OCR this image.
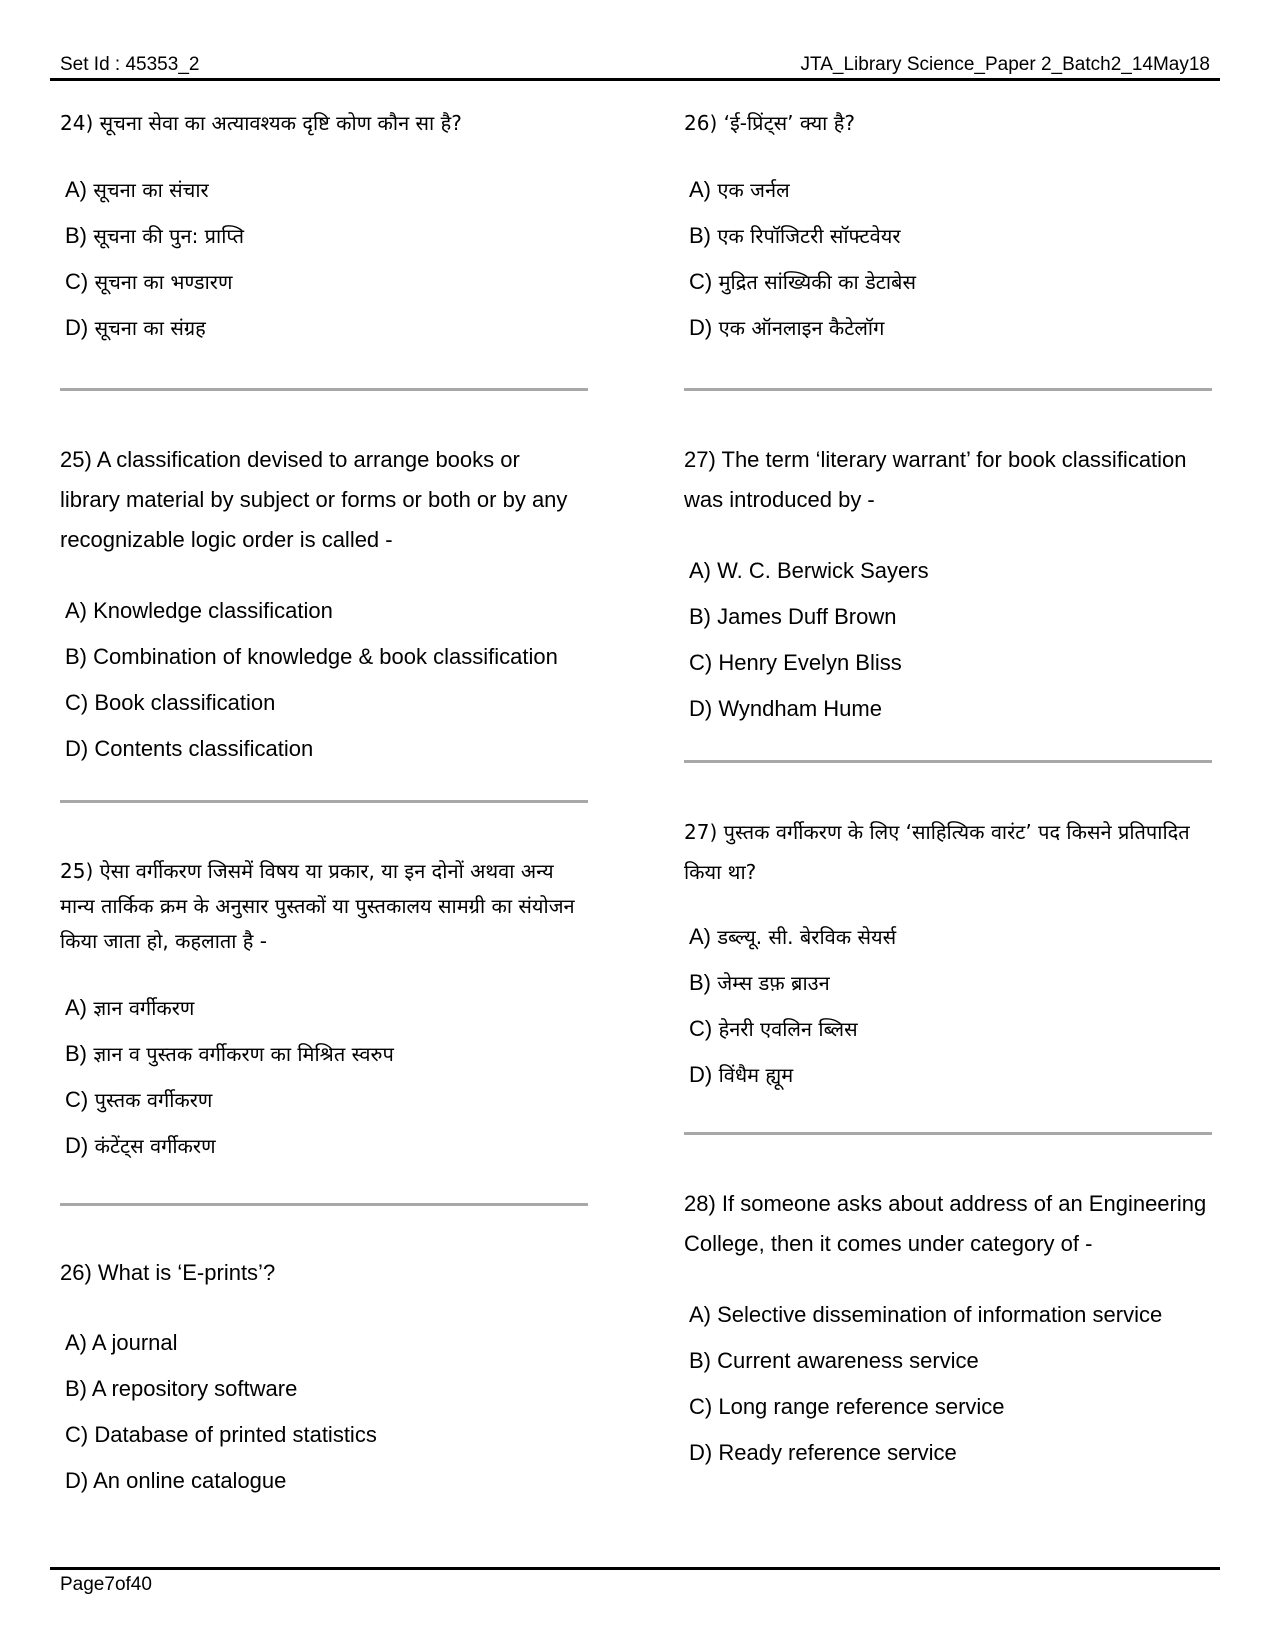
Set Id : 45353_2	JTA_Library Science_Paper 2_Batch2_14May18

24) सूचना सेवा का अत्यावश्यक दृष्टि कोण कौन सा है?

A) सूचना का संचार
B) सूचना की पुन: प्राप्ति
C) सूचना का भण्डारण
D) सूचना का संग्रह

25) A classification devised to arrange books or library material by subject or forms or both or by any recognizable logic order is called -

A) Knowledge classification
B) Combination of knowledge & book classification
C) Book classification
D) Contents classification

25) ऐसा वर्गीकरण जिसमें विषय या प्रकार, या इन दोनों अथवा अन्य मान्य तार्किक क्रम के अनुसार पुस्तकों या पुस्तकालय सामग्री का संयोजन किया जाता हो, कहलाता है -

A) ज्ञान वर्गीकरण
B) ज्ञान व पुस्तक वर्गीकरण का मिश्रित स्वरुप
C) पुस्तक वर्गीकरण
D) कंटेंट्स वर्गीकरण

26) What is ‘E-prints’?

A) A journal
B) A repository software
C) Database of printed statistics
D) An online catalogue

26) ‘ई-प्रिंट्स’ क्या है?

A) एक जर्नल
B) एक रिपॉजिटरी सॉफ्टवेयर
C) मुद्रित सांख्यिकी का डेटाबेस
D) एक ऑनलाइन कैटेलॉग

27) The term ‘literary warrant’ for book classification was introduced by -

A) W. C. Berwick Sayers
B) James Duff Brown
C) Henry Evelyn Bliss
D) Wyndham Hume

27) पुस्तक वर्गीकरण के लिए ‘साहित्यिक वारंट’ पद किसने प्रतिपादित किया था?

A) डब्ल्यू. सी. बेरविक सेयर्स
B) जेम्स डफ़ ब्राउन
C) हेनरी एवलिन ब्लिस
D) विंधैम ह्यूम

28) If someone asks about address of an Engineering College, then it comes under category of -

A) Selective dissemination of information service
B) Current awareness service
C) Long range reference service
D) Ready reference service
Page7of40
